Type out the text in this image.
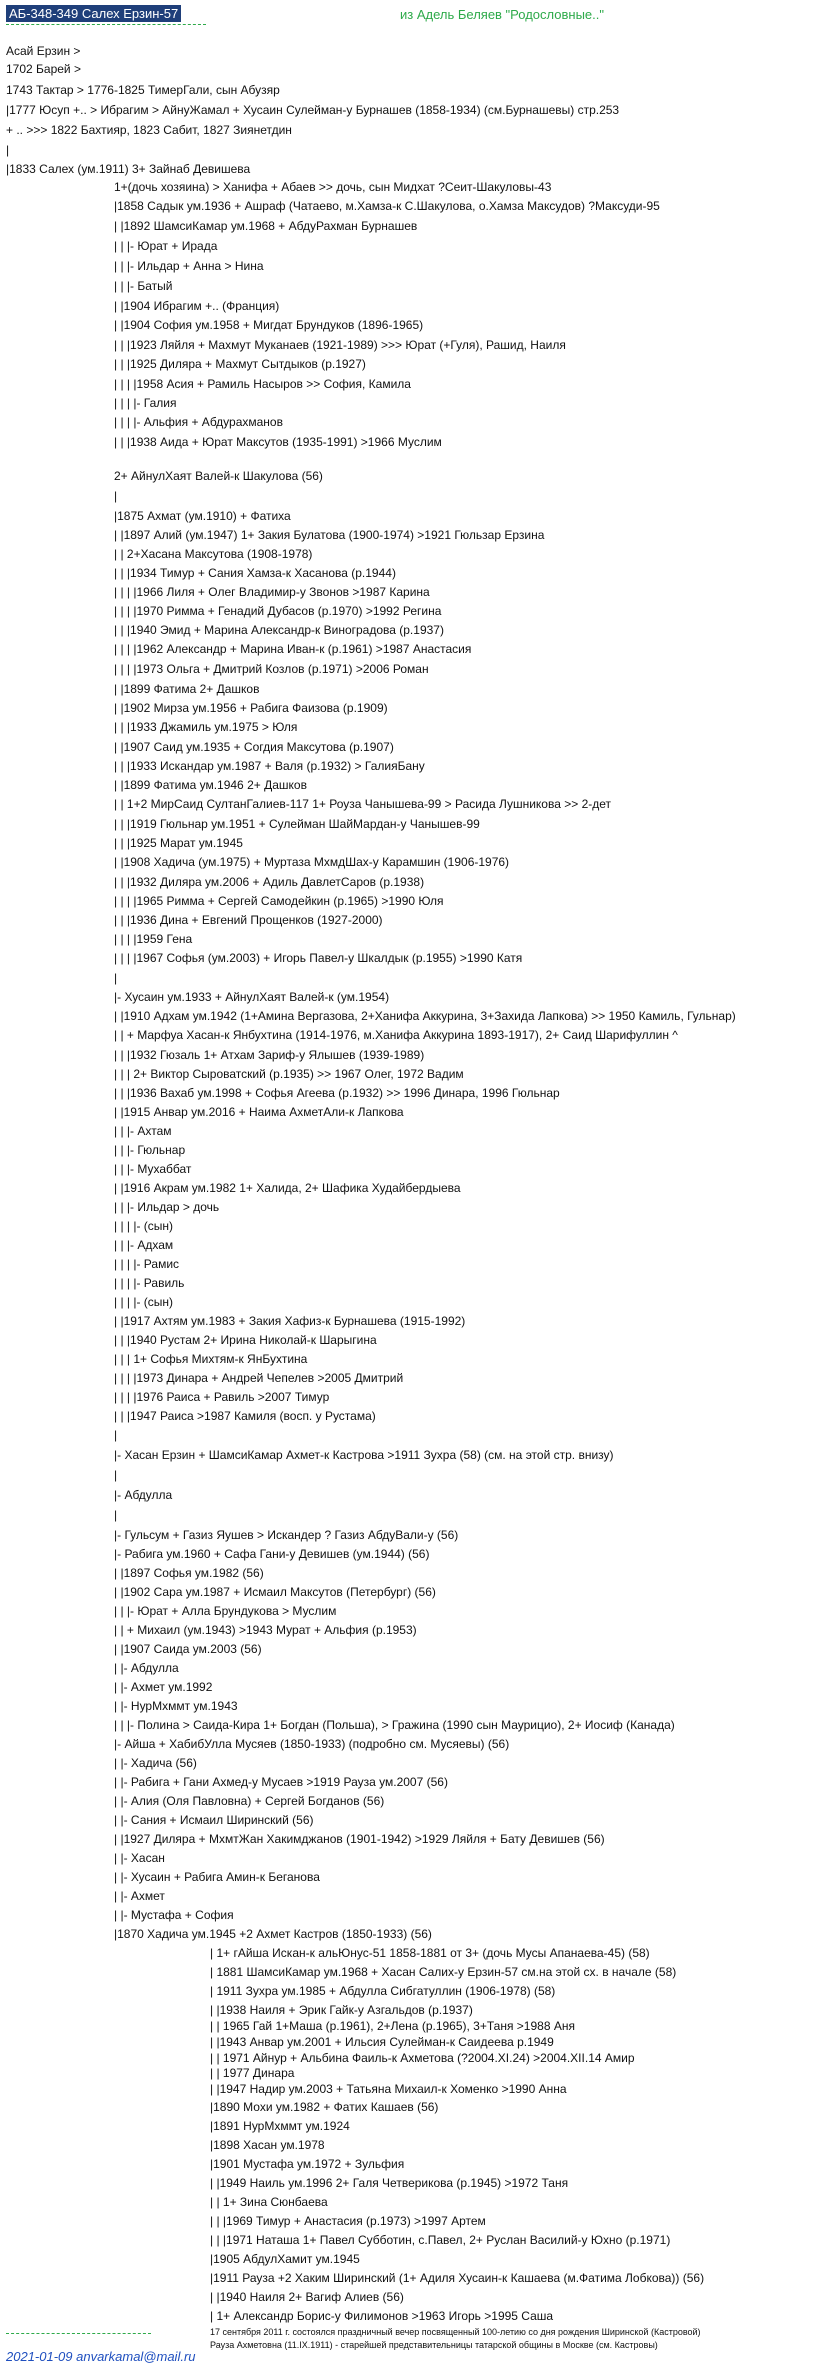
АБ-348-349 Салех Ерзин-57	из Адель Беляев "Родословные.."
Асай Ерзин >
1702 Барей >
1743 Тактар > 1776-1825 ТимерГали, сын Абузяр
|1777 Юсуп +.. > Ибрагим > АйнуЖамал + Хусаин Сулейман-у Бурнашев (1858-1934) (см.Бурнашевы) стр.253
+ .. >>> 1822 Бахтияр, 1823 Сабит, 1827 Зиянетдин
|
|1833 Салех (ум.1911) 3+ Зайнаб Девишева
1+(дочь хозяина) > Ханифа + Абаев >> дочь, сын Мидхат ?Сеит-Шакуловы-43
|1858 Садык ум.1936 + Ашраф (Чатаево, м.Хамза-к С.Шакулова, о.Хамза Максудов) ?Максуди-95
| |1892 ШамсиКамар ум.1968 + АбдуРахман Бурнашев
| | |- Юрат + Ирада
| | |- Ильдар + Анна > Нина
| | |- Батый
| |1904 Ибрагим +.. (Франция)
| |1904 София ум.1958 + Мигдат Брундуков (1896-1965)
| | |1923 Ляйля + Махмут Муканаев (1921-1989) >>> Юрат (+Гуля), Рашид, Наиля
| | |1925 Диляра + Махмут Сытдыков (р.1927)
| | | |1958 Асия + Рамиль Насыров >> София, Камила
| | | |- Галия
| | | |- Альфия + Абдурахманов
| | |1938 Аида + Юрат Максутов (1935-1991) >1966 Муслим
2+ АйнулХаят Валей-к Шакулова (56)
|
|1875 Ахмат (ум.1910) + Фатиха
| |1897 Алий (ум.1947) 1+ Закия Булатова (1900-1974) >1921 Гюльзар Ерзина
| | 2+Хасана Максутова (1908-1978)
| | |1934 Тимур + Сания Хамза-к Хасанова (р.1944)
| | | |1966 Лиля + Олег Владимир-у Звонов >1987 Карина
| | | |1970 Римма + Генадий Дубасов (р.1970) >1992 Регина
| | |1940 Эмид + Марина Александр-к Виноградова (р.1937)
| | | |1962 Александр + Марина Иван-к (р.1961) >1987 Анастасия
| | | |1973 Ольга + Дмитрий Козлов (р.1971) >2006 Роман
| |1899 Фатима 2+ Дашков
| |1902 Мирза ум.1956 + Рабига Фаизова (р.1909)
| | |1933 Джамиль ум.1975 > Юля
| |1907 Саид ум.1935 + Согдия Максутова (р.1907)
| | |1933 Искандар ум.1987 + Валя (р.1932) > ГалияБану
| |1899 Фатима ум.1946 2+ Дашков
| | 1+2 МирСаид СултанГалиев-117 1+ Роуза Чанышева-99 > Расида Лушникова >> 2-дет
| | |1919 Гюльнар ум.1951 + Сулейман ШайМардан-у Чанышев-99
| | |1925 Марат ум.1945
| |1908 Хадича (ум.1975) + Муртаза МхмдШах-у Карамшин (1906-1976)
| | |1932 Диляра ум.2006 + Адиль ДавлетСаров (р.1938)
| | | |1965 Римма + Сергей Самодейкин (р.1965) >1990 Юля
| | |1936 Дина + Евгений Прощенков (1927-2000)
| | | |1959 Гена
| | | |1967 Софья (ум.2003) + Игорь Павел-у Шкалдык (р.1955) >1990 Катя
|
|- Хусаин ум.1933 + АйнулХаят Валей-к (ум.1954)
| |1910 Адхам ум.1942 (1+Амина Вергазова, 2+Ханифа Аккурина, 3+Захида Лапкова) >> 1950 Камиль, Гульнар)
| | + Марфуа Хасан-к Янбухтина (1914-1976, м.Ханифа Аккурина 1893-1917), 2+ Саид Шарифуллин ^
| | |1932 Гюзаль 1+ Атхам Зариф-у Ялышев (1939-1989)
| | | 2+ Виктор Сыроватский (р.1935) >> 1967 Олег, 1972 Вадим
| | |1936 Вахаб ум.1998 + Софья Агеева (р.1932) >> 1996 Динара, 1996 Гюльнар
| |1915 Анвар ум.2016 + Наима АхметАли-к Лапкова
| | |- Ахтам
| | |- Гюльнар
| | |- Мухаббат
| |1916 Акрам ум.1982 1+ Халида, 2+ Шафика Худайбердыева
| | |- Ильдар > дочь
| | | |- (сын)
| | |- Адхам
| | | |- Рамис
| | | |- Равиль
| | | |- (сын)
| |1917 Ахтям ум.1983 + Закия Хафиз-к Бурнашева (1915-1992)
| | |1940 Рустам 2+ Ирина Николай-к Шарыгина
| | | 1+ Софья Михтям-к ЯнБухтина
| | | |1973 Динара + Андрей Чепелев >2005 Дмитрий
| | | |1976 Раиса + Равиль >2007 Тимур
| | |1947 Раиса >1987 Камиля (восп. у Рустама)
|
|- Хасан Ерзин + ШамсиКамар Ахмет-к Кастрова >1911 Зухра (58) (см. на этой стр. внизу)
|
|- Абдулла
|
|- Гульсум + Газиз Яушев > Искандер ? Газиз АбдуВали-у (56)
|- Рабига ум.1960 + Сафа Гани-у Девишев (ум.1944) (56)
| |1897 Софья ум.1982 (56)
| |1902 Сара ум.1987 + Исмаил Максутов (Петербург) (56)
| | |- Юрат + Алла Брундукова > Муслим
| | + Михаил (ум.1943) >1943 Мурат + Альфия (р.1953)
| |1907 Саида ум.2003 (56)
| |- Абдулла
| |- Ахмет ум.1992
| |- НурМхммт ум.1943
| | |- Полина > Саида-Кира 1+ Богдан (Польша), > Гражина (1990 сын Маурицио), 2+ Иосиф (Канада)
|- Айша + ХабибУлла Мусяев (1850-1933) (подробно см. Мусяевы) (56)
| |- Хадича (56)
| |- Рабига + Гани Ахмед-у Мусаев >1919 Рауза ум.2007 (56)
| |- Алия (Оля Павловна) + Сергей Богданов (56)
| |- Сания + Исмаил Ширинский (56)
| |1927 Диляра + МхмтЖан Хакимджанов (1901-1942) >1929 Ляйля + Бату Девишев (56)
| |- Хасан
| |- Хусаин + Рабига Амин-к Беганова
| |- Ахмет
| |- Мустафа + София
|1870 Хадича ум.1945 +2 Ахмет Кастров (1850-1933) (56)
| 1+ гАйша Искан-к альЮнус-51 1858-1881 от 3+ (дочь Мусы Апанаева-45) (58)
| 1881 ШамсиКамар ум.1968 + Хасан Салих-у Ерзин-57 см.на этой сх. в начале (58)
| 1911 Зухра ум.1985 + Абдулла Сибгатуллин (1906-1978) (58)
| |1938 Наиля + Эрик Гайк-у Азгальдов (р.1937)
| | 1965 Гай 1+Маша (р.1961), 2+Лена (р.1965), 3+Таня >1988 Аня
| |1943 Анвар ум.2001 + Ильсия Сулейман-к Саидеева р.1949
| | 1971 Айнур + Альбина Фаиль-к Ахметова (?2004.XI.24) >2004.XII.14 Амир
| | 1977 Динара
| |1947 Надир ум.2003 + Татьяна Михаил-к Хоменко >1990 Анна
|1890 Мохи ум.1982 + Фатих Кашаев (56)
|1891 НурМхммт ум.1924
|1898 Хасан ум.1978
|1901 Мустафа ум.1972 + Зульфия
| |1949 Наиль ум.1996 2+ Галя Четверикова (р.1945) >1972 Таня
| | 1+ Зина Сюнбаева
| | |1969 Тимур + Анастасия (р.1973) >1997 Артем
| | |1971 Наташа 1+ Павел Субботин, с.Павел, 2+ Руслан Василий-у Юхно (р.1971)
|1905 АбдулХамит ум.1945
|1911 Рауза +2 Хаким Ширинский (1+ Адиля Хусаин-к Кашаева (м.Фатима Лобкова)) (56)
| |1940 Наиля 2+ Вагиф Алиев (56)
| 1+ Александр Борис-у Филимонов >1963 Игорь >1995 Саша
17 сентября 2011 г. состоялся праздничный вечер посвященный 100-летию со дня рождения Ширинской (Кастровой)
Рауза Ахметовна (11.IX.1911) - старейшей представительницы татарской общины в Москве (см. Кастровы)
2021-01-09 anvarkamal@mail.ru
